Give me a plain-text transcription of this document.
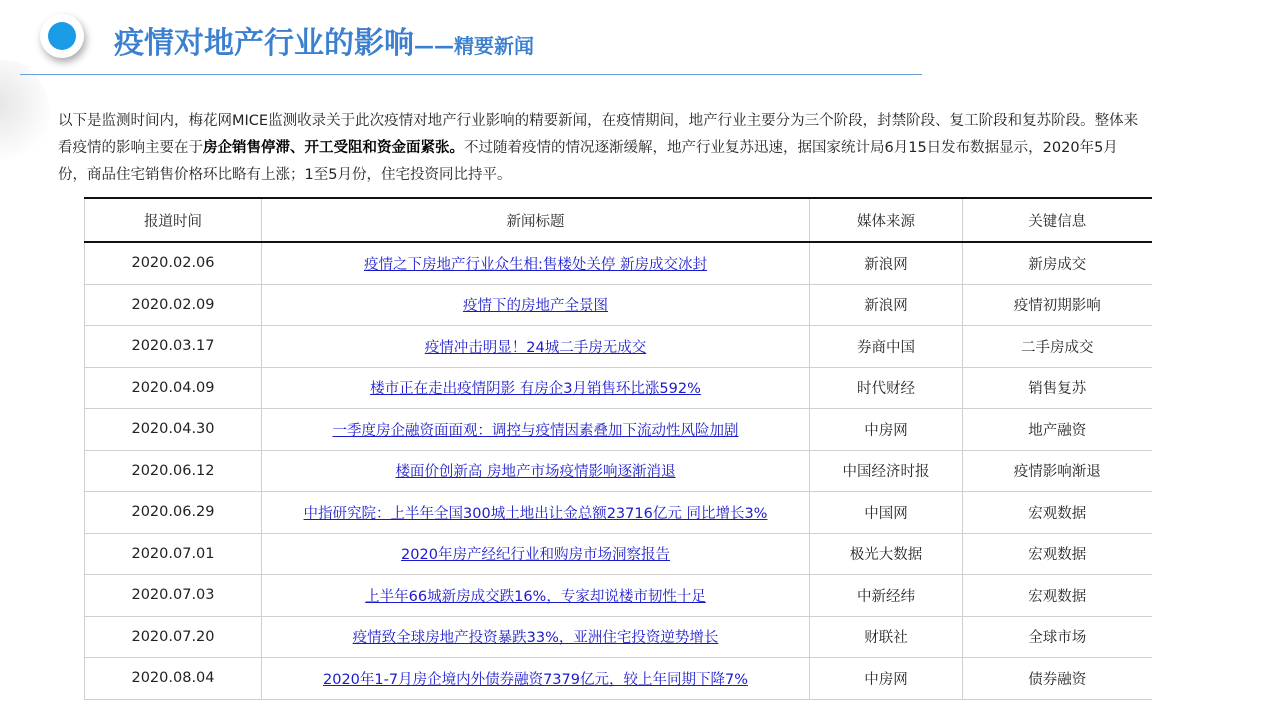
疫情对地产行业的影响——精要新闻
以下是监测时间内，梅花网MICE监测收录关于此次疫情对地产行业影响的精要新闻，在疫情期间，地产行业主要分为三个阶段，封禁阶段、复工阶段和复苏阶段。整体来看疫情的影响主要在于房企销售停滞、开工受阻和资金面紧张。不过随着疫情的情况逐渐缓解，地产行业复苏迅速，据国家统计局6月15日发布数据显示，2020年5月份，商品住宅销售价格环比略有上涨；1至5月份，住宅投资同比持平。
报道时间	新闻标题	媒体来源	关键信息
2020.02.06	疫情之下房地产行业众生相:售楼处关停 新房成交冰封	新浪网	新房成交
2020.02.09	疫情下的房地产全景图	新浪网	疫情初期影响
2020.03.17	疫情冲击明显！24城二手房无成交	券商中国	二手房成交
2020.04.09	楼市正在走出疫情阴影 有房企3月销售环比涨592%	时代财经	销售复苏
2020.04.30	一季度房企融资面面观：调控与疫情因素叠加下流动性风险加剧	中房网	地产融资
2020.06.12	楼面价创新高 房地产市场疫情影响逐渐消退	中国经济时报	疫情影响渐退
2020.06.29	中指研究院：上半年全国300城土地出让金总额23716亿元 同比增长3%	中国网	宏观数据
2020.07.01	2020年房产经纪行业和购房市场洞察报告	极光大数据	宏观数据
2020.07.03	上半年66城新房成交跌16%，专家却说楼市韧性十足	中新经纬	宏观数据
2020.07.20	疫情致全球房地产投资暴跌33%，亚洲住宅投资逆势增长	财联社	全球市场
2020.08.04	2020年1-7月房企境内外债券融资7379亿元，较上年同期下降7%	中房网	债券融资
